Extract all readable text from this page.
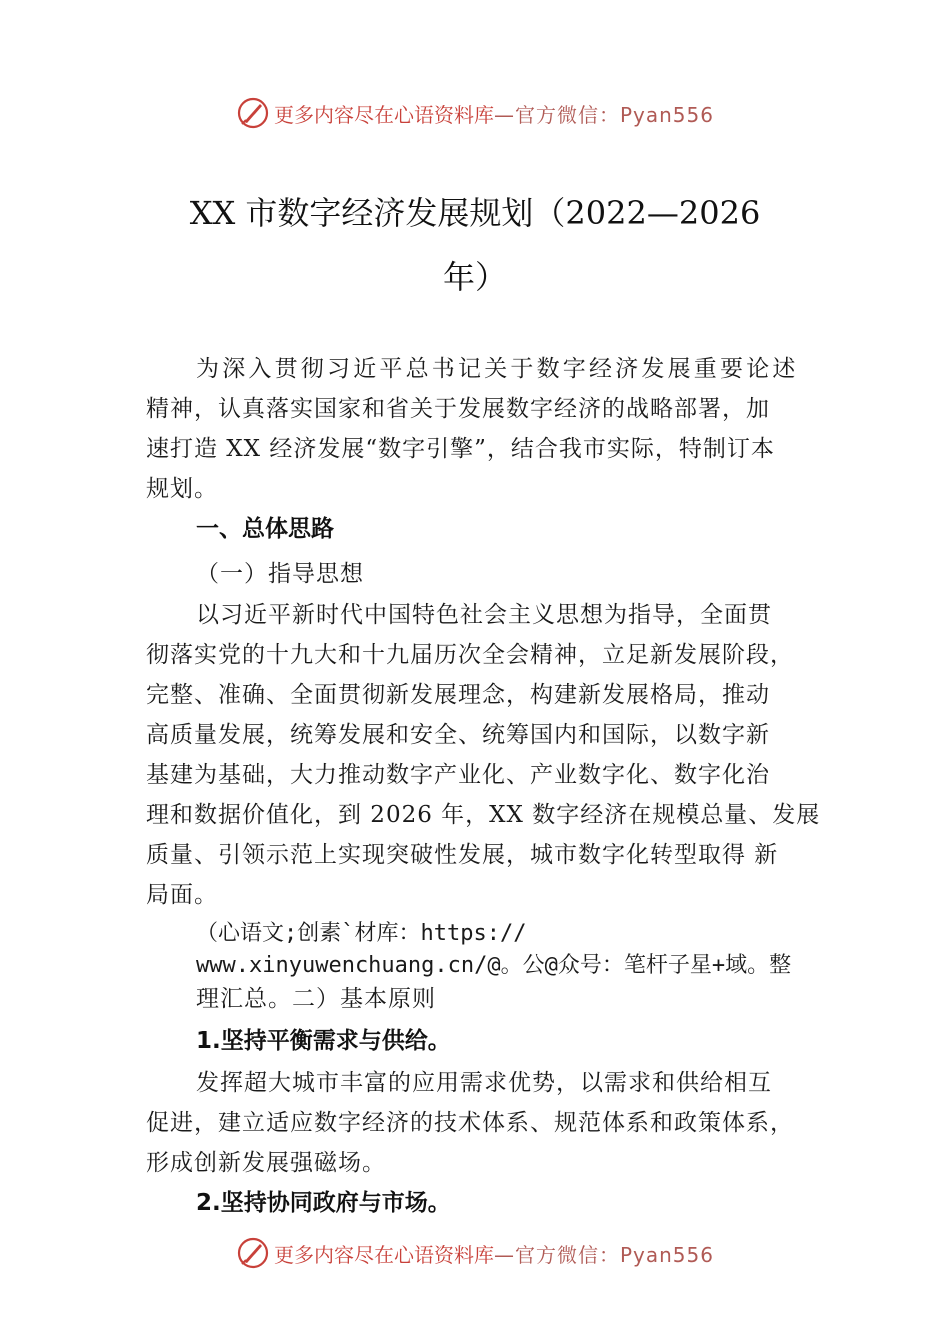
更多内容尽在心语资料库 —官方微信：Pyan556
XX 市数字经济发展规划（2022—2026
年）
为深入贯彻习近平总书记关于数字经济发展重要论述
精神，认真落实国家和省关于发展数字经济的战略部署，加
速打造 XX 经济发展“数字引擎”，结合我市实际，特制订本
规划。
一、总体思路
（一）指导思想
以习近平新时代中国特色社会主义思想为指导，全面贯
彻落实党的十九大和十九届历次全会精神，立足新发展阶段，
完整、准确、全面贯彻新发展理念，构建新发展格局，推动
高质量发展，统筹发展和安全、统筹国内和国际，以数字新
基建为基础，大力推动数字产业化、产业数字化、数字化治
理和数据价值化，到 2026 年，XX 数字经济在规模总量、发展
质量、引领示范上实现突破性发展，城市数字化转型取得 新
局面。
（心语文;创素`材库：https://
www.xinyuwenchuang.cn/@。公@众号：笔杆子星+域。整
理汇总。二）基本原则
1.坚持平衡需求与供给。
发挥超大城市丰富的应用需求优势，以需求和供给相互
促进，建立适应数字经济的技术体系、规范体系和政策体系，
形成创新发展强磁场。
2.坚持协同政府与市场。
更多内容尽在心语资料库 —官方微信：Pyan556
